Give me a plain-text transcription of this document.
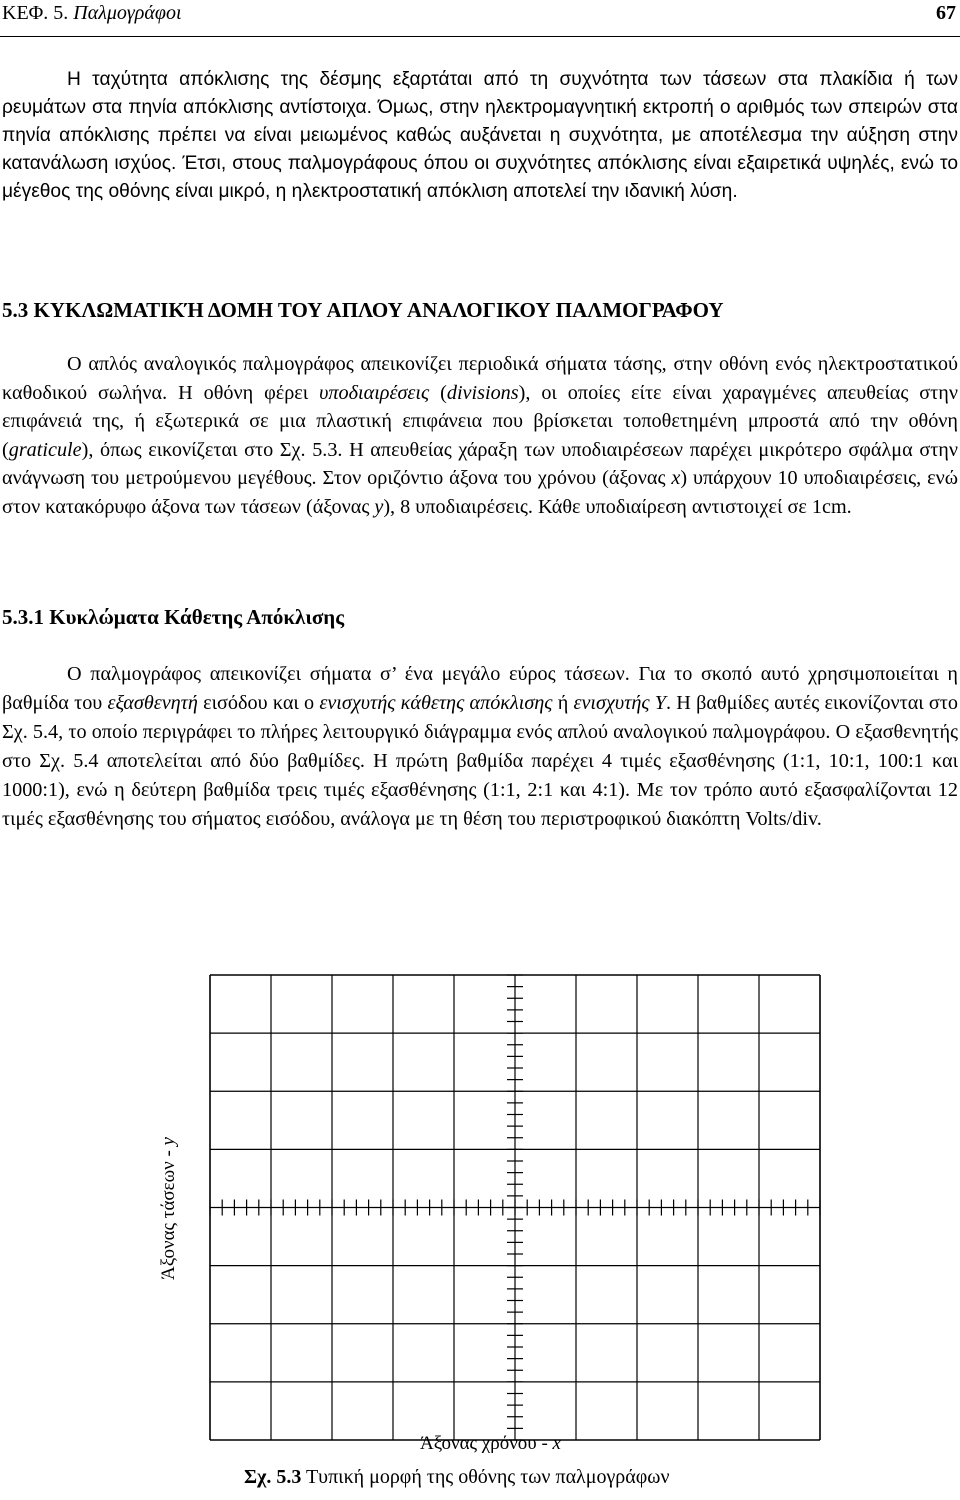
ΚΕΦ. 5. Παλμογράφοι	67

Η ταχύτητα απόκλισης της δέσμης εξαρτάται από τη συχνότητα των τάσεων στα πλακίδια ή των ρευμάτων στα πηνία απόκλισης αντίστοιχα. Όμως, στην ηλεκτρομαγνητική εκτροπή ο αριθμός των σπειρών στα πηνία απόκλισης πρέπει να είναι μειωμένος καθώς αυξάνεται η συχνότητα, με αποτέλεσμα την αύξηση στην κατανάλωση ισχύος. Έτσι, στους παλμογράφους όπου οι συχνότητες απόκλισης είναι εξαιρετικά υψηλές, ενώ το μέγεθος της οθόνης είναι μικρό, η ηλεκτροστατική απόκλιση αποτελεί την ιδανική λύση.

5.3 ΚΥΚΛΩΜΑΤΙΚΉ ΔΟΜΗ ΤΟΥ ΑΠΛΟΥ ΑΝΑΛΟΓΙΚΟΥ ΠΑΛΜΟΓΡΑΦΟΥ

Ο απλός αναλογικός παλμογράφος απεικονίζει περιοδικά σήματα τάσης, στην οθόνη ενός ηλεκτροστατικού καθοδικού σωλήνα. Η οθόνη φέρει υποδιαιρέσεις (divisions), οι οποίες είτε είναι χαραγμένες απευθείας στην επιφάνειά της, ή εξωτερικά σε μια πλαστική επιφάνεια που βρίσκεται τοποθετημένη μπροστά από την οθόνη (graticule), όπως εικονίζεται στο Σχ. 5.3. Η απευθείας χάραξη των υποδιαιρέσεων παρέχει μικρότερο σφάλμα στην ανάγνωση του μετρούμενου μεγέθους. Στον οριζόντιο άξονα του χρόνου (άξονας x) υπάρχουν 10 υποδιαιρέσεις, ενώ στον κατακόρυφο άξονα των τάσεων (άξονας y), 8 υποδιαιρέσεις. Κάθε υποδιαίρεση αντιστοιχεί σε 1cm.

5.3.1 Κυκλώματα Κάθετης Απόκλισης

Ο παλμογράφος απεικονίζει σήματα σ’ ένα μεγάλο εύρος τάσεων. Για το σκοπό αυτό χρησιμοποιείται η βαθμίδα του εξασθενητή εισόδου και ο ενισχυτής κάθετης απόκλισης ή ενισχυτής Y. Η βαθμίδες αυτές εικονίζονται στο Σχ. 5.4, το οποίο περιγράφει το πλήρες λειτουργικό διάγραμμα ενός απλού αναλογικού παλμογράφου. Ο εξασθενητής στο Σχ. 5.4 αποτελείται από δύο βαθμίδες. Η πρώτη βαθμίδα παρέχει 4 τιμές εξασθένησης (1:1, 10:1, 100:1 και 1000:1), ενώ η δεύτερη βαθμίδα τρεις τιμές εξασθένησης (1:1, 2:1 και 4:1). Με τον τρόπο αυτό εξασφαλίζονται 12 τιμές εξασθένησης του σήματος εισόδου, ανάλογα με τη θέση του περιστροφικού διακόπτη Volts/div.

Άξονας τάσεων - y
Άξονας χρόνου - x
Σχ. 5.3 Τυπική μορφή της οθόνης των παλμογράφων
